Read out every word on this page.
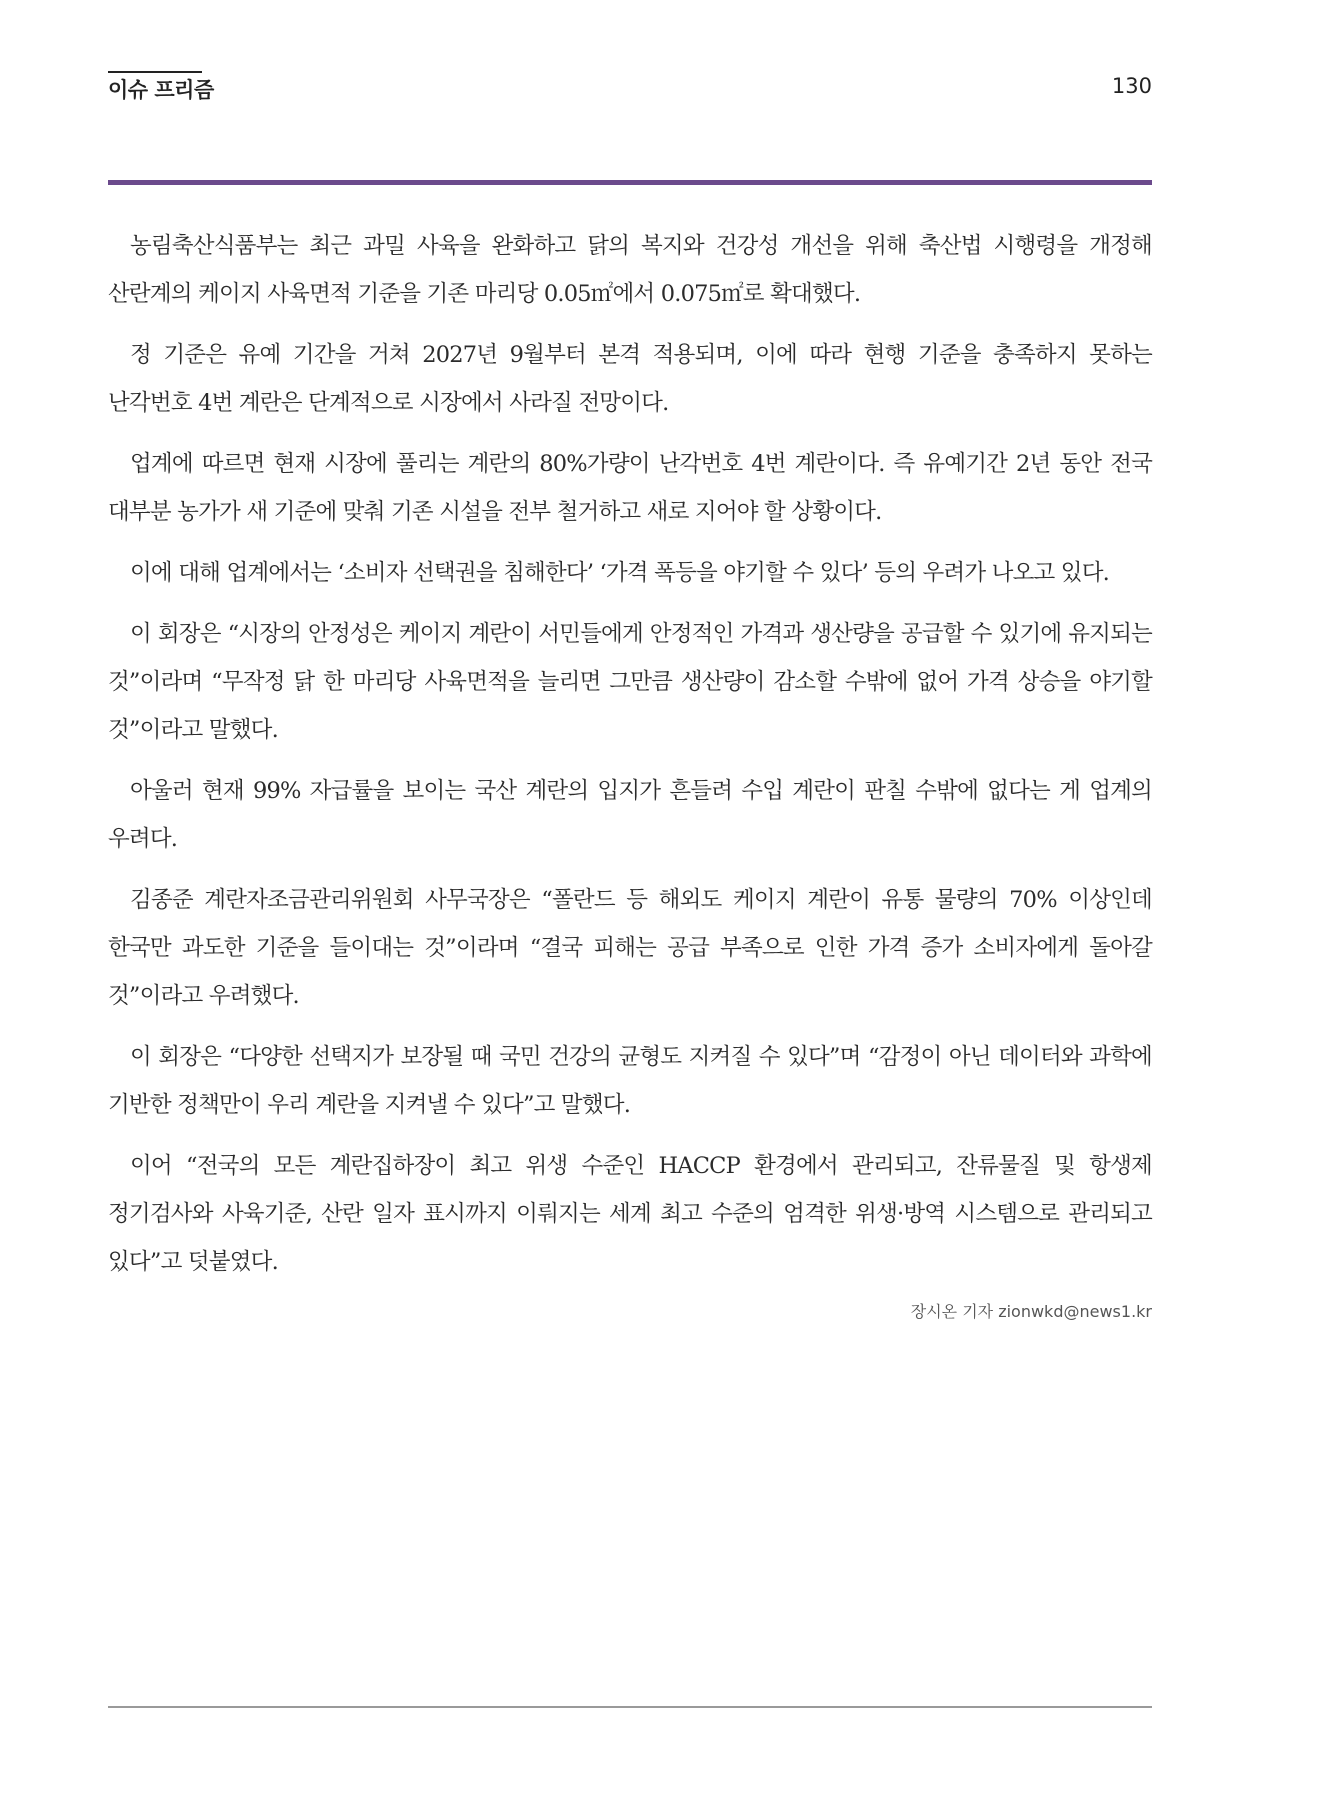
이슈 프리즘	130

농림축산식품부는 최근 과밀 사육을 완화하고 닭의 복지와 건강성 개선을 위해 축산법 시행령을 개정해 산란계의 케이지 사육면적 기준을 기존 마리당 0.05㎡에서 0.075㎡로 확대했다.

정 기준은 유예 기간을 거쳐 2027년 9월부터 본격 적용되며, 이에 따라 현행 기준을 충족하지 못하는 난각번호 4번 계란은 단계적으로 시장에서 사라질 전망이다.

업계에 따르면 현재 시장에 풀리는 계란의 80%가량이 난각번호 4번 계란이다. 즉 유예기간 2년 동안 전국 대부분 농가가 새 기준에 맞춰 기존 시설을 전부 철거하고 새로 지어야 할 상황이다.

이에 대해 업계에서는 ‘소비자 선택권을 침해한다’ ‘가격 폭등을 야기할 수 있다’ 등의 우려가 나오고 있다.

이 회장은 “시장의 안정성은 케이지 계란이 서민들에게 안정적인 가격과 생산량을 공급할 수 있기에 유지되는 것”이라며 “무작정 닭 한 마리당 사육면적을 늘리면 그만큼 생산량이 감소할 수밖에 없어 가격 상승을 야기할 것”이라고 말했다.

아울러 현재 99% 자급률을 보이는 국산 계란의 입지가 흔들려 수입 계란이 판칠 수밖에 없다는 게 업계의 우려다.

김종준 계란자조금관리위원회 사무국장은 “폴란드 등 해외도 케이지 계란이 유통 물량의 70% 이상인데 한국만 과도한 기준을 들이대는 것”이라며 “결국 피해는 공급 부족으로 인한 가격 증가 소비자에게 돌아갈 것”이라고 우려했다.

이 회장은 “다양한 선택지가 보장될 때 국민 건강의 균형도 지켜질 수 있다”며 “감정이 아닌 데이터와 과학에 기반한 정책만이 우리 계란을 지켜낼 수 있다”고 말했다.

이어 “전국의 모든 계란집하장이 최고 위생 수준인 HACCP 환경에서 관리되고, 잔류물질 및 항생제 정기검사와 사육기준, 산란 일자 표시까지 이뤄지는 세계 최고 수준의 엄격한 위생·방역 시스템으로 관리되고 있다”고 덧붙였다.

장시온 기자 zionwkd@news1.kr
